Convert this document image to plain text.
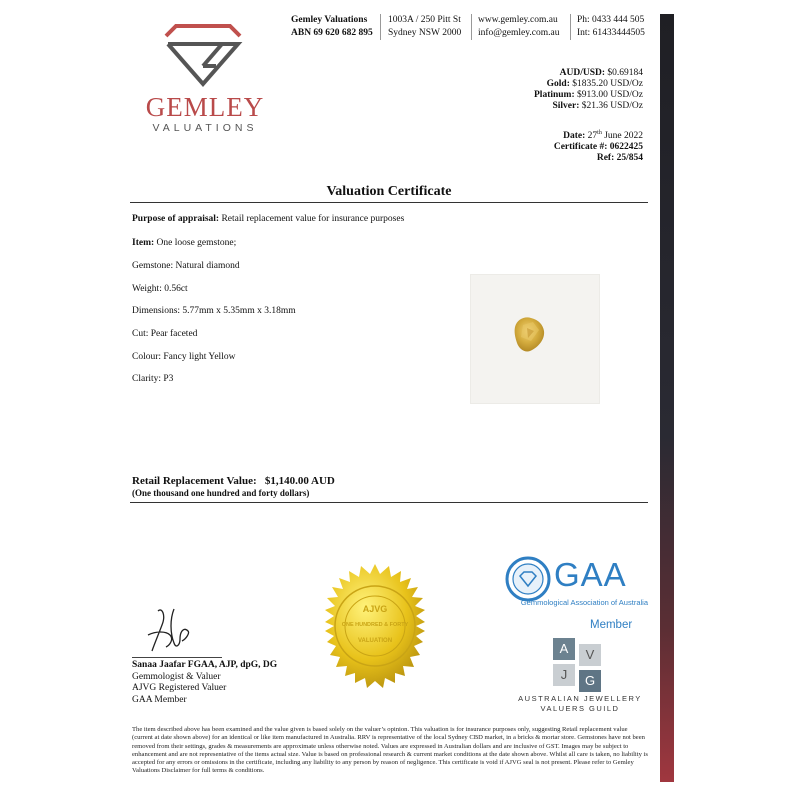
GEMLEY
VALUATIONS
Gemley Valuations
ABN 69 620 682 895
1003A / 250 Pitt St
Sydney NSW 2000
www.gemley.com.au
info@gemley.com.au
Ph: 0433 444 505
Int: 61433444505
AUD/USD: $0.69184
Gold: $1835.20 USD/Oz
Platinum: $913.00 USD/Oz
Silver: $21.36 USD/Oz
Date: 27th June 2022
Certificate #: 0622425
Ref: 25/854
Valuation Certificate
Purpose of appraisal: Retail replacement value for insurance purposes
Item: One loose gemstone;
Gemstone: Natural diamond
Weight: 0.56ct
Dimensions: 5.77mm x 5.35mm x 3.18mm
Cut: Pear faceted
Colour: Fancy light Yellow
Clarity: P3
Retail Replacement Value: $1,140.00 AUD
(One thousand one hundred and forty dollars)
AJVG
ONE HUNDRED & FORTY
VALUATION
GAA
Gemmological Association of Australia
Member
A	V
J	G
AUSTRALIAN JEWELLERY
VALUERS GUILD
Sanaa Jaafar FGAA, AJP, dpG, DG
Gemmologist & Valuer
AJVG Registered Valuer
GAA Member
The item described above has been examined and the value given is based solely on the valuer’s opinion. This valuation is for insurance purposes only, suggesting Retail replacement value (current at date shown above) for an identical or like item manufactured in Australia. RRV is representative of the local Sydney CBD market, in a bricks & mortar store. Gemstones have not been removed from their settings, grades & measurements are approximate unless otherwise noted. Values are expressed in Australian dollars and are inclusive of GST. Images may be subject to enhancement and are not representative of the items actual size. Value is based on professional research & current market conditions at the date shown above. Whilst all care is taken, no liability is accepted for any errors or omissions in the certificate, including any liability to any person by reason of negligence. This certificate is void if AJVG seal is not present. Please refer to Gemley Valuations Disclaimer for full terms & conditions.
